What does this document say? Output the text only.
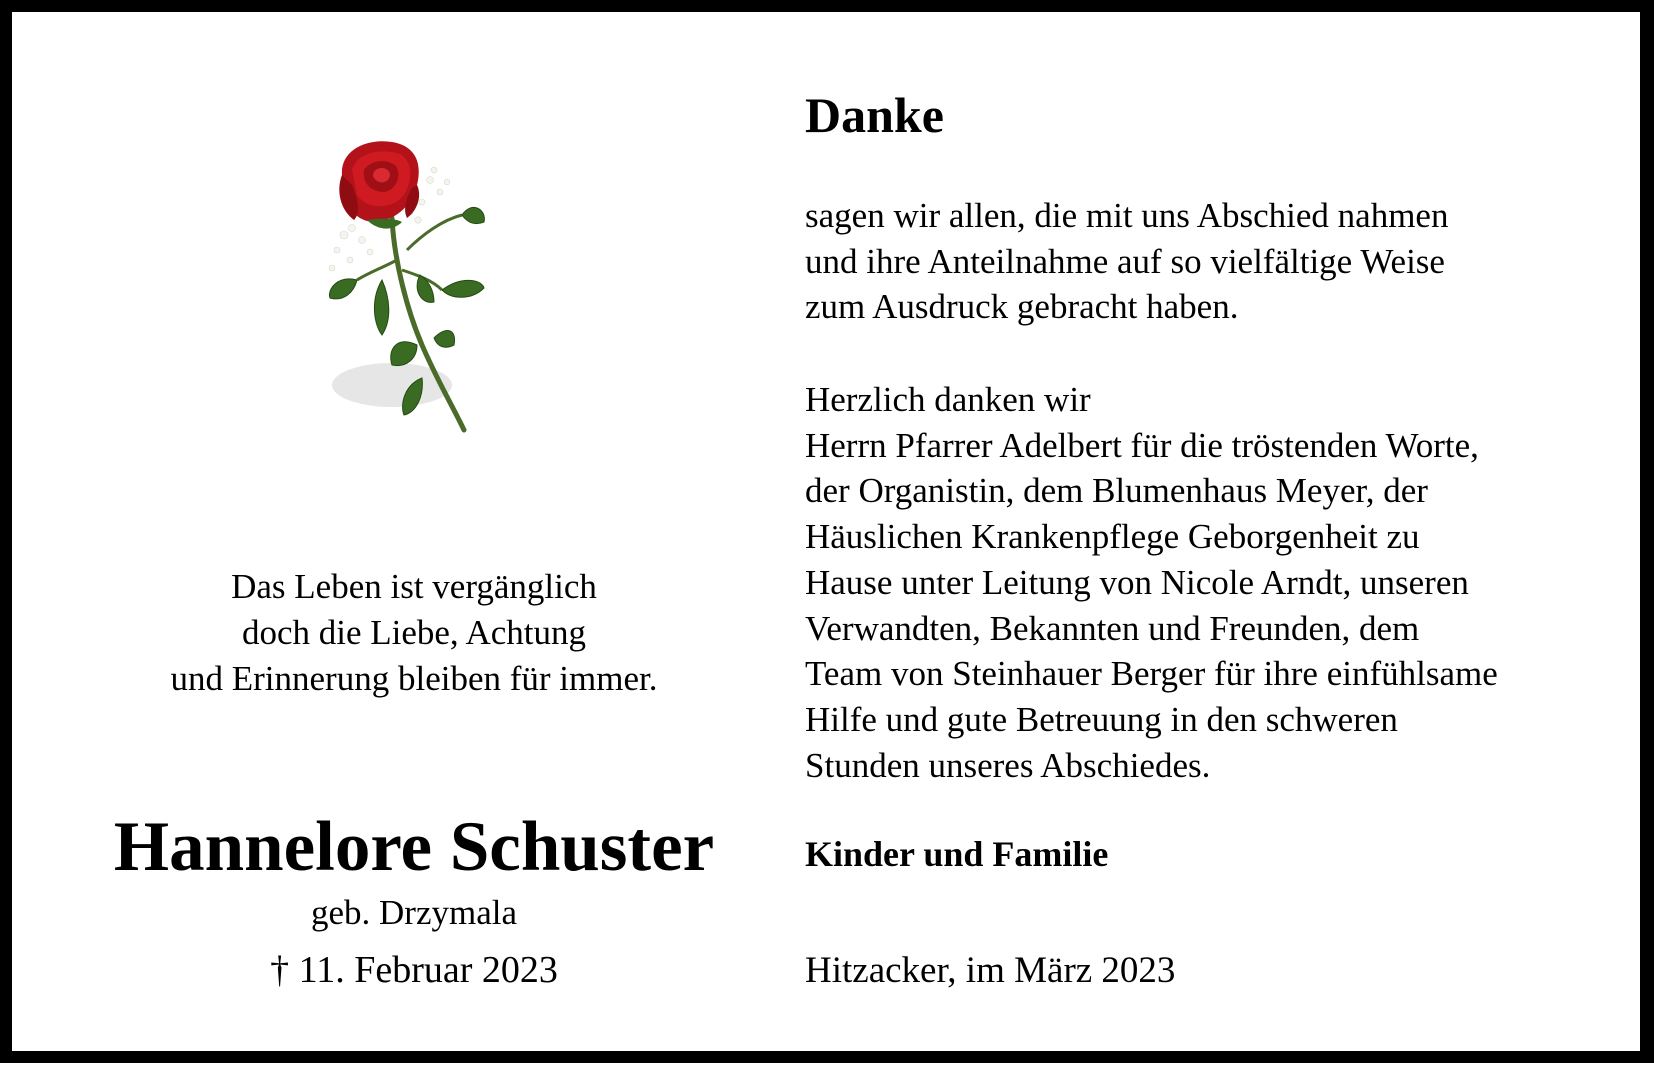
Das Leben ist vergänglich
doch die Liebe, Achtung
und Erinnerung bleiben für immer.
Hannelore Schuster
geb. Drzymala
† 11. Februar 2023
Danke
sagen wir allen, die mit uns Abschied nahmen
und ihre Anteilnahme auf so vielfältige Weise
zum Ausdruck gebracht haben.
Herzlich danken wir
Herrn Pfarrer Adelbert für die tröstenden Worte,
der Organistin, dem Blumenhaus Meyer, der
Häuslichen Krankenpflege Geborgenheit zu
Hause unter Leitung von Nicole Arndt, unseren
Verwandten, Bekannten und Freunden, dem
Team von Steinhauer Berger für ihre einfühlsame
Hilfe und gute Betreuung in den schweren
Stunden unseres Abschiedes.
Kinder und Familie
Hitzacker, im März 2023
